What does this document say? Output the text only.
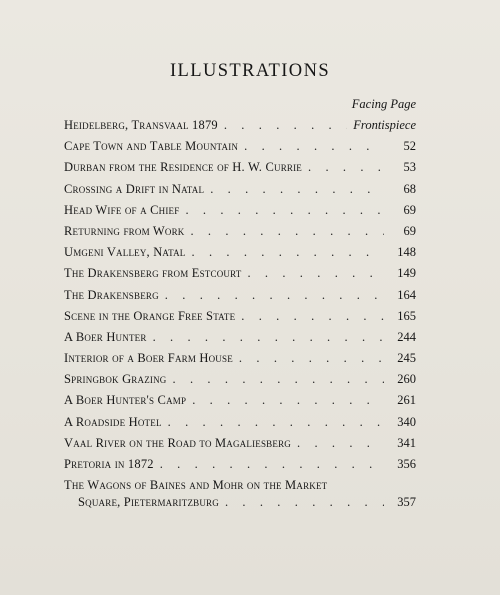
ILLUSTRATIONS
Facing Page
Heidelberg, Transvaal 1879 . . .	Frontispiece
Cape Town and Table Mountain . . .	52
Durban from the Residence of H. W. Currie . . .	53
Crossing a Drift in Natal . . .	68
Head Wife of a Chief . . .	69
Returning from Work . . .	69
Umgeni Valley, Natal . . .	148
The Drakensberg from Estcourt . . .	149
The Drakensberg . . .	164
Scene in the Orange Free State . . .	165
A Boer Hunter . . .	244
Interior of a Boer Farm House . . .	245
Springbok Grazing . . .	260
A Boer Hunter's Camp . . .	261
A Roadside Hotel . . .	340
Vaal River on the Road to Magaliesberg . . .	341
Pretoria in 1872 . . .	356
The Wagons of Baines and Mohr on the Market
Square, Pietermaritzburg . . .	357
